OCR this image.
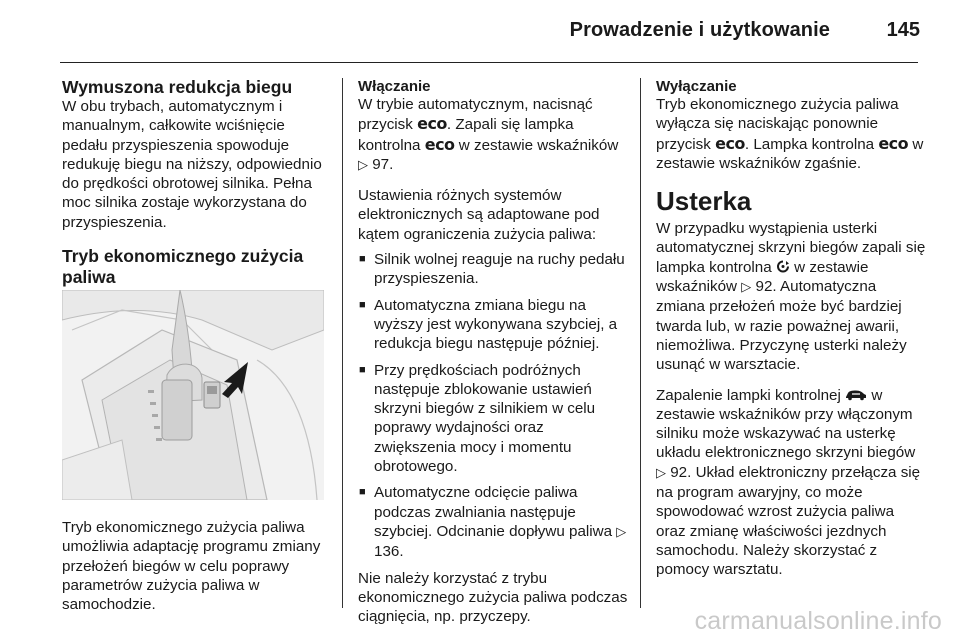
Prowadzenie i użytkowanie	145

Wymuszona redukcja biegu

W obu trybach, automatycznym i manualnym, całkowite wciśnięcie pedału przyspieszenia spowoduje redukuję biegu na niższy, odpowiednio do prędkości obrotowej silnika. Pełna moc silnika zostaje wykorzystana do przyspieszenia.

Tryb ekonomicznego zużycia paliwa

Tryb ekonomicznego zużycia paliwa umożliwia adaptację programu zmiany przełożeń biegów w celu poprawy parametrów zużycia paliwa w samochodzie.

Włączanie

W trybie automatycznym, nacisnąć przycisk eco. Zapali się lampka kontrolna eco w zestawie wskaźników ▷ 97.

Ustawienia różnych systemów elektronicznych są adaptowane pod kątem ograniczenia zużycia paliwa:

■ Silnik wolnej reaguje na ruchy pedału przyspieszenia.
■ Automatyczna zmiana biegu na wyższy jest wykonywana szybciej, a redukcja biegu następuje później.
■ Przy prędkościach podróżnych następuje zblokowanie ustawień skrzyni biegów z silnikiem w celu poprawy wydajności oraz zwiększenia mocy i momentu obrotowego.
■ Automatyczne odcięcie paliwa podczas zwalniania następuje szybciej. Odcinanie dopływu paliwa ▷ 136.

Nie należy korzystać z trybu ekonomicznego zużycia paliwa podczas ciągnięcia, np. przyczepy.

Wyłączanie

Tryb ekonomicznego zużycia paliwa wyłącza się naciskając ponownie przycisk eco. Lampka kontrolna eco w zestawie wskaźników zgaśnie.

Usterka

W przypadku wystąpienia usterki automatycznej skrzyni biegów zapali się lampka kontrolna w zestawie wskaźników ▷ 92. Automatyczna zmiana przełożeń może być bardziej twarda lub, w razie poważnej awarii, niemożliwa. Przyczynę usterki należy usunąć w warsztacie.

Zapalenie lampki kontrolnej w zestawie wskaźników przy włączonym silniku może wskazywać na usterkę układu elektronicznego skrzyni biegów ▷ 92. Układ elektroniczny przełącza się na program awaryjny, co może spowodować wzrost zużycia paliwa oraz zmianę właściwości jezdnych samochodu. Należy skorzystać z pomocy warsztatu.

carmanualsonline.info
